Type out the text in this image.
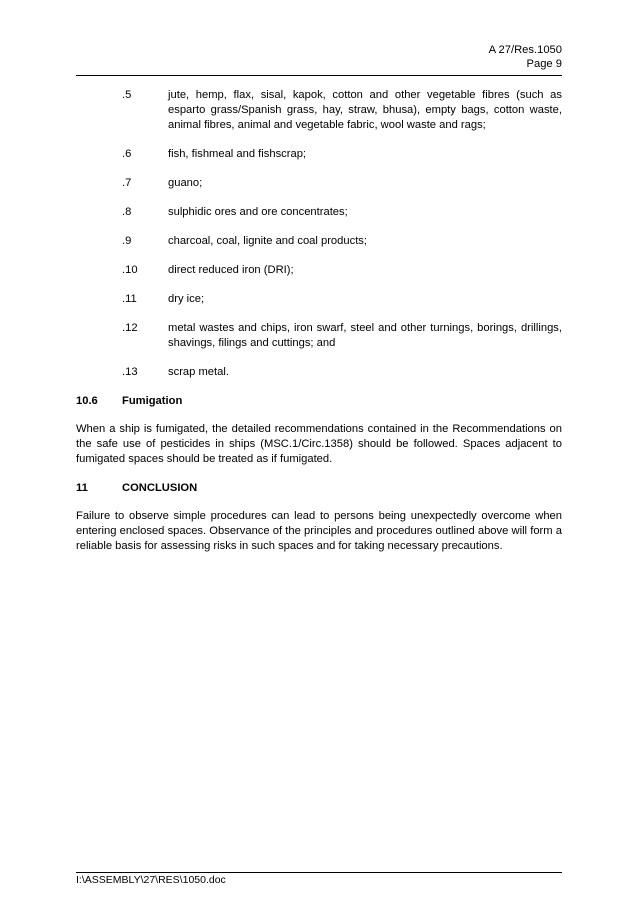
A 27/Res.1050
Page 9
.5	jute, hemp, flax, sisal, kapok, cotton and other vegetable fibres (such as esparto grass/Spanish grass, hay, straw, bhusa), empty bags, cotton waste, animal fibres, animal and vegetable fabric, wool waste and rags;
.6	fish, fishmeal and fishscrap;
.7	guano;
.8	sulphidic ores and ore concentrates;
.9	charcoal, coal, lignite and coal products;
.10	direct reduced iron (DRI);
.11	dry ice;
.12	metal wastes and chips, iron swarf, steel and other turnings, borings, drillings, shavings, filings and cuttings; and
.13	scrap metal.
10.6	Fumigation
When a ship is fumigated, the detailed recommendations contained in the Recommendations on the safe use of pesticides in ships (MSC.1/Circ.1358) should be followed. Spaces adjacent to fumigated spaces should be treated as if fumigated.
11	CONCLUSION
Failure to observe simple procedures can lead to persons being unexpectedly overcome when entering enclosed spaces. Observance of the principles and procedures outlined above will form a reliable basis for assessing risks in such spaces and for taking necessary precautions.
I:\ASSEMBLY\27\RES\1050.doc
